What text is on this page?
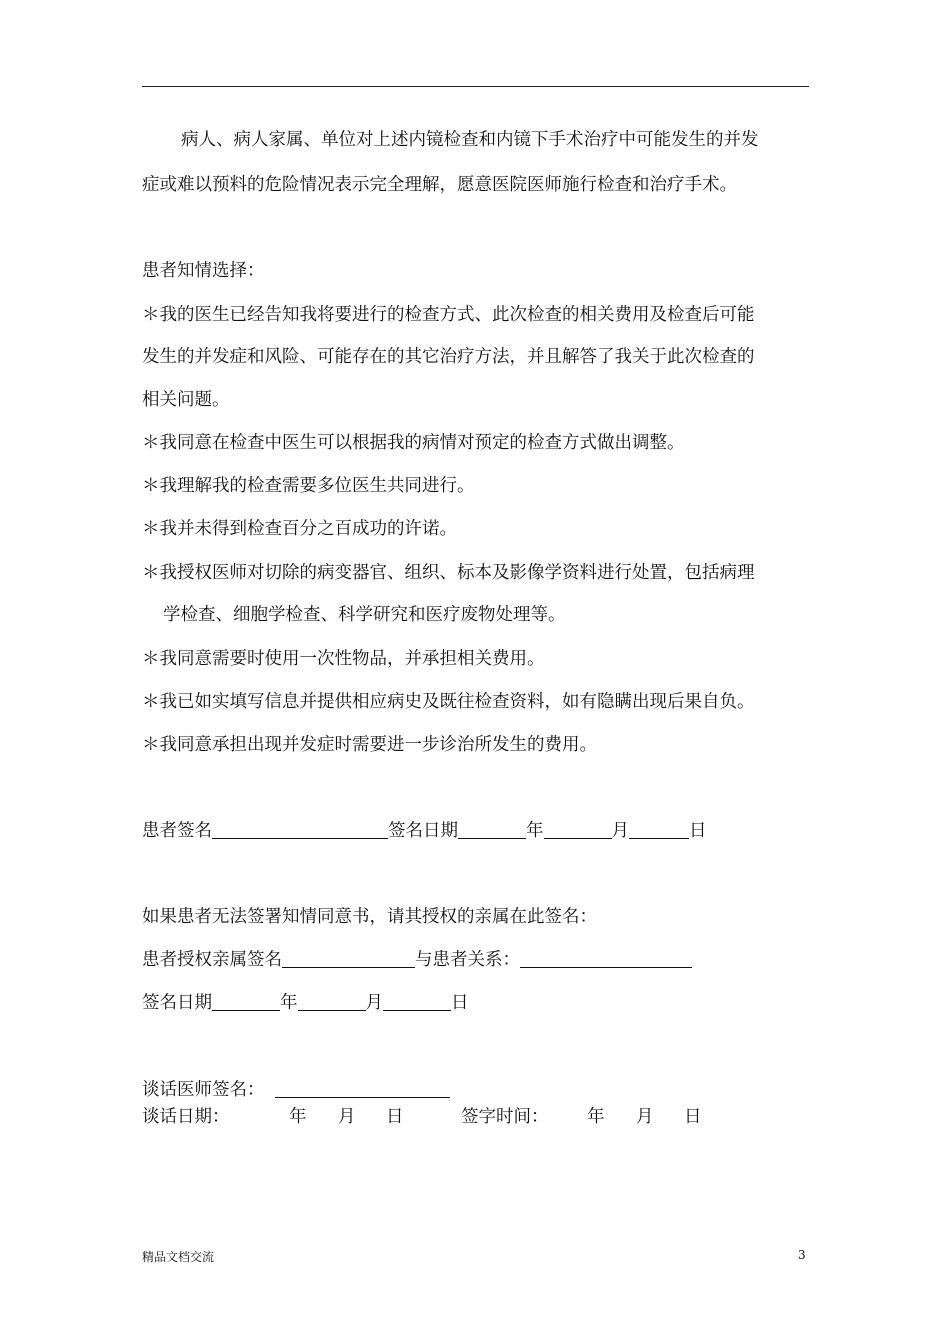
病人、病人家属、单位对上述内镜检查和内镜下手术治疗中可能发生的并发
症或难以预料的危险情况表示完全理解，愿意医院医师施行检查和治疗手术。
患者知情选择：
＊我的医生已经告知我将要进行的检查方式、此次检查的相关费用及检查后可能
发生的并发症和风险、可能存在的其它治疗方法，并且解答了我关于此次检查的
相关问题。
＊我同意在检查中医生可以根据我的病情对预定的检查方式做出调整。
＊我理解我的检查需要多位医生共同进行。
＊我并未得到检查百分之百成功的许诺。
＊我授权医师对切除的病变器官、组织、标本及影像学资料进行处置，包括病理
学检查、细胞学检查、科学研究和医疗废物处理等。
＊我同意需要时使用一次性物品，并承担相关费用。
＊我已如实填写信息并提供相应病史及既往检查资料，如有隐瞒出现后果自负。
＊我同意承担出现并发症时需要进一步诊治所发生的费用。
患者签名	签名日期	年	月	日
如果患者无法签署知情同意书，请其授权的亲属在此签名：
患者授权亲属签名	与患者关系：
签名日期	年	月	日
谈话医师签名：
谈话日期：	年 月 日	签字时间： 年 月 日
精品文档交流	3
